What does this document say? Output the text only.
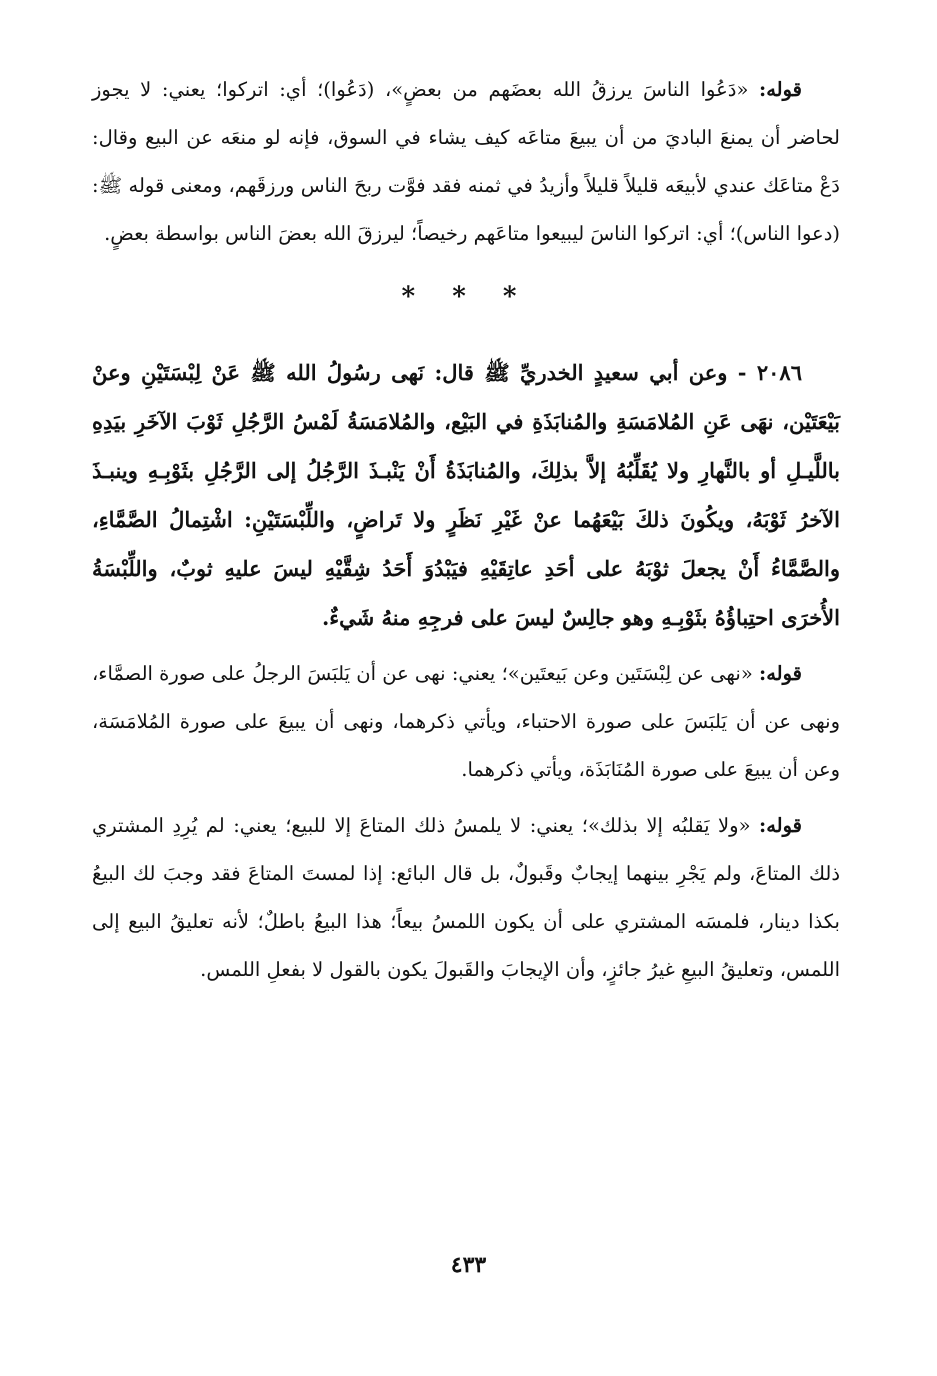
قوله: «دَعُوا الناسَ يرزقُ الله بعضَهم من بعضٍ»، (دَعُوا)؛ أي: اتركوا؛ يعني: لا يجوز لحاضر أن يمنعَ الباديَ من أن يبيعَ متاعَه كيف يشاء في السوق، فإنه لو منعَه عن البيع وقال: دَعْ متاعَك عندي لأبيعَه قليلاً قليلاً وأزيدُ في ثمنه فقد فوَّت ربحَ الناس ورزقَهم، ومعنى قوله ﷺ: (دعوا الناس)؛ أي: اتركوا الناسَ ليبيعوا متاعَهم رخيصاً؛ ليرزقَ الله بعضَ الناس بواسطة بعضٍ.

* * *

٢٠٨٦ - وعن أبي سعيدٍ الخدريِّ ﷺ قال: نَهى رسُولُ الله ﷺ عَنْ لِبْسَتَيْنِ وعنْ بَيْعَتَيْن، نهَى عَنِ المُلامَسَةِ والمُنابَذَةِ في البَيْع، والمُلامَسَةُ لَمْسُ الرَّجُلِ ثَوْبَ الآخَرِ بيَدِهِ باللَّيـلِ أو بالنَّهارِ ولا يُقَلِّبُهُ إلاَّ بذلِكَ، والمُنابَذَةُ أَنْ يَنْبـذَ الرَّجُلُ إلى الرَّجُلِ بثَوْبِـهِ وينبـذَ الآخرُ ثَوْبَهُ، ويكُونَ ذلكَ بَيْعَهُما عنْ غَيْرِ نَظَرٍ ولا تَراضٍ، واللِّبْسَتَيْنِ: اشْتِمالُ الصَّمَّاءِ، والصَّمَّاءُ أَنْ يجعلَ ثوْبَهُ على أحَدِ عاتِقَيْهِ فيَبْدُوَ أَحَدُ شِقَّيْهِ ليسَ عليهِ ثوبٌ، واللِّبْسَةُ الأُخرَى احتِباؤُهُ بثَوْبِـهِ وهو جالِسٌ ليسَ على فرجِهِ منهُ شَيءٌ.

قوله: «نهى عن لِبْسَتَين وعن بَيعتَين»؛ يعني: نهى عن أن يَلبَسَ الرجلُ على صورة الصمَّاء، ونهى عن أن يَلبَسَ على صورة الاحتباء، ويأتي ذكرهما، ونهى أن يبيعَ على صورة المُلامَسَة، وعن أن يبيعَ على صورة المُنَابَذَة، ويأتي ذكرهما.

قوله: «ولا يَقلبُه إلا بذلك»؛ يعني: لا يلمسُ ذلك المتاعَ إلا للبيع؛ يعني: لم يُرِدِ المشتري ذلك المتاعَ، ولم يَجْرِ بينهما إيجابٌ وقَبولٌ، بل قال البائع: إذا لمستَ المتاعَ فقد وجبَ لك البيعُ بكذا دينار، فلمسَه المشتري على أن يكون اللمسُ بيعاً؛ هذا البيعُ باطلٌ؛ لأنه تعليقُ البيع إلى اللمس، وتعليقُ البيعِ غيرُ جائزٍ، وأن الإيجابَ والقَبولَ يكون بالقول لا بفعلِ اللمس.

٤٣٣
